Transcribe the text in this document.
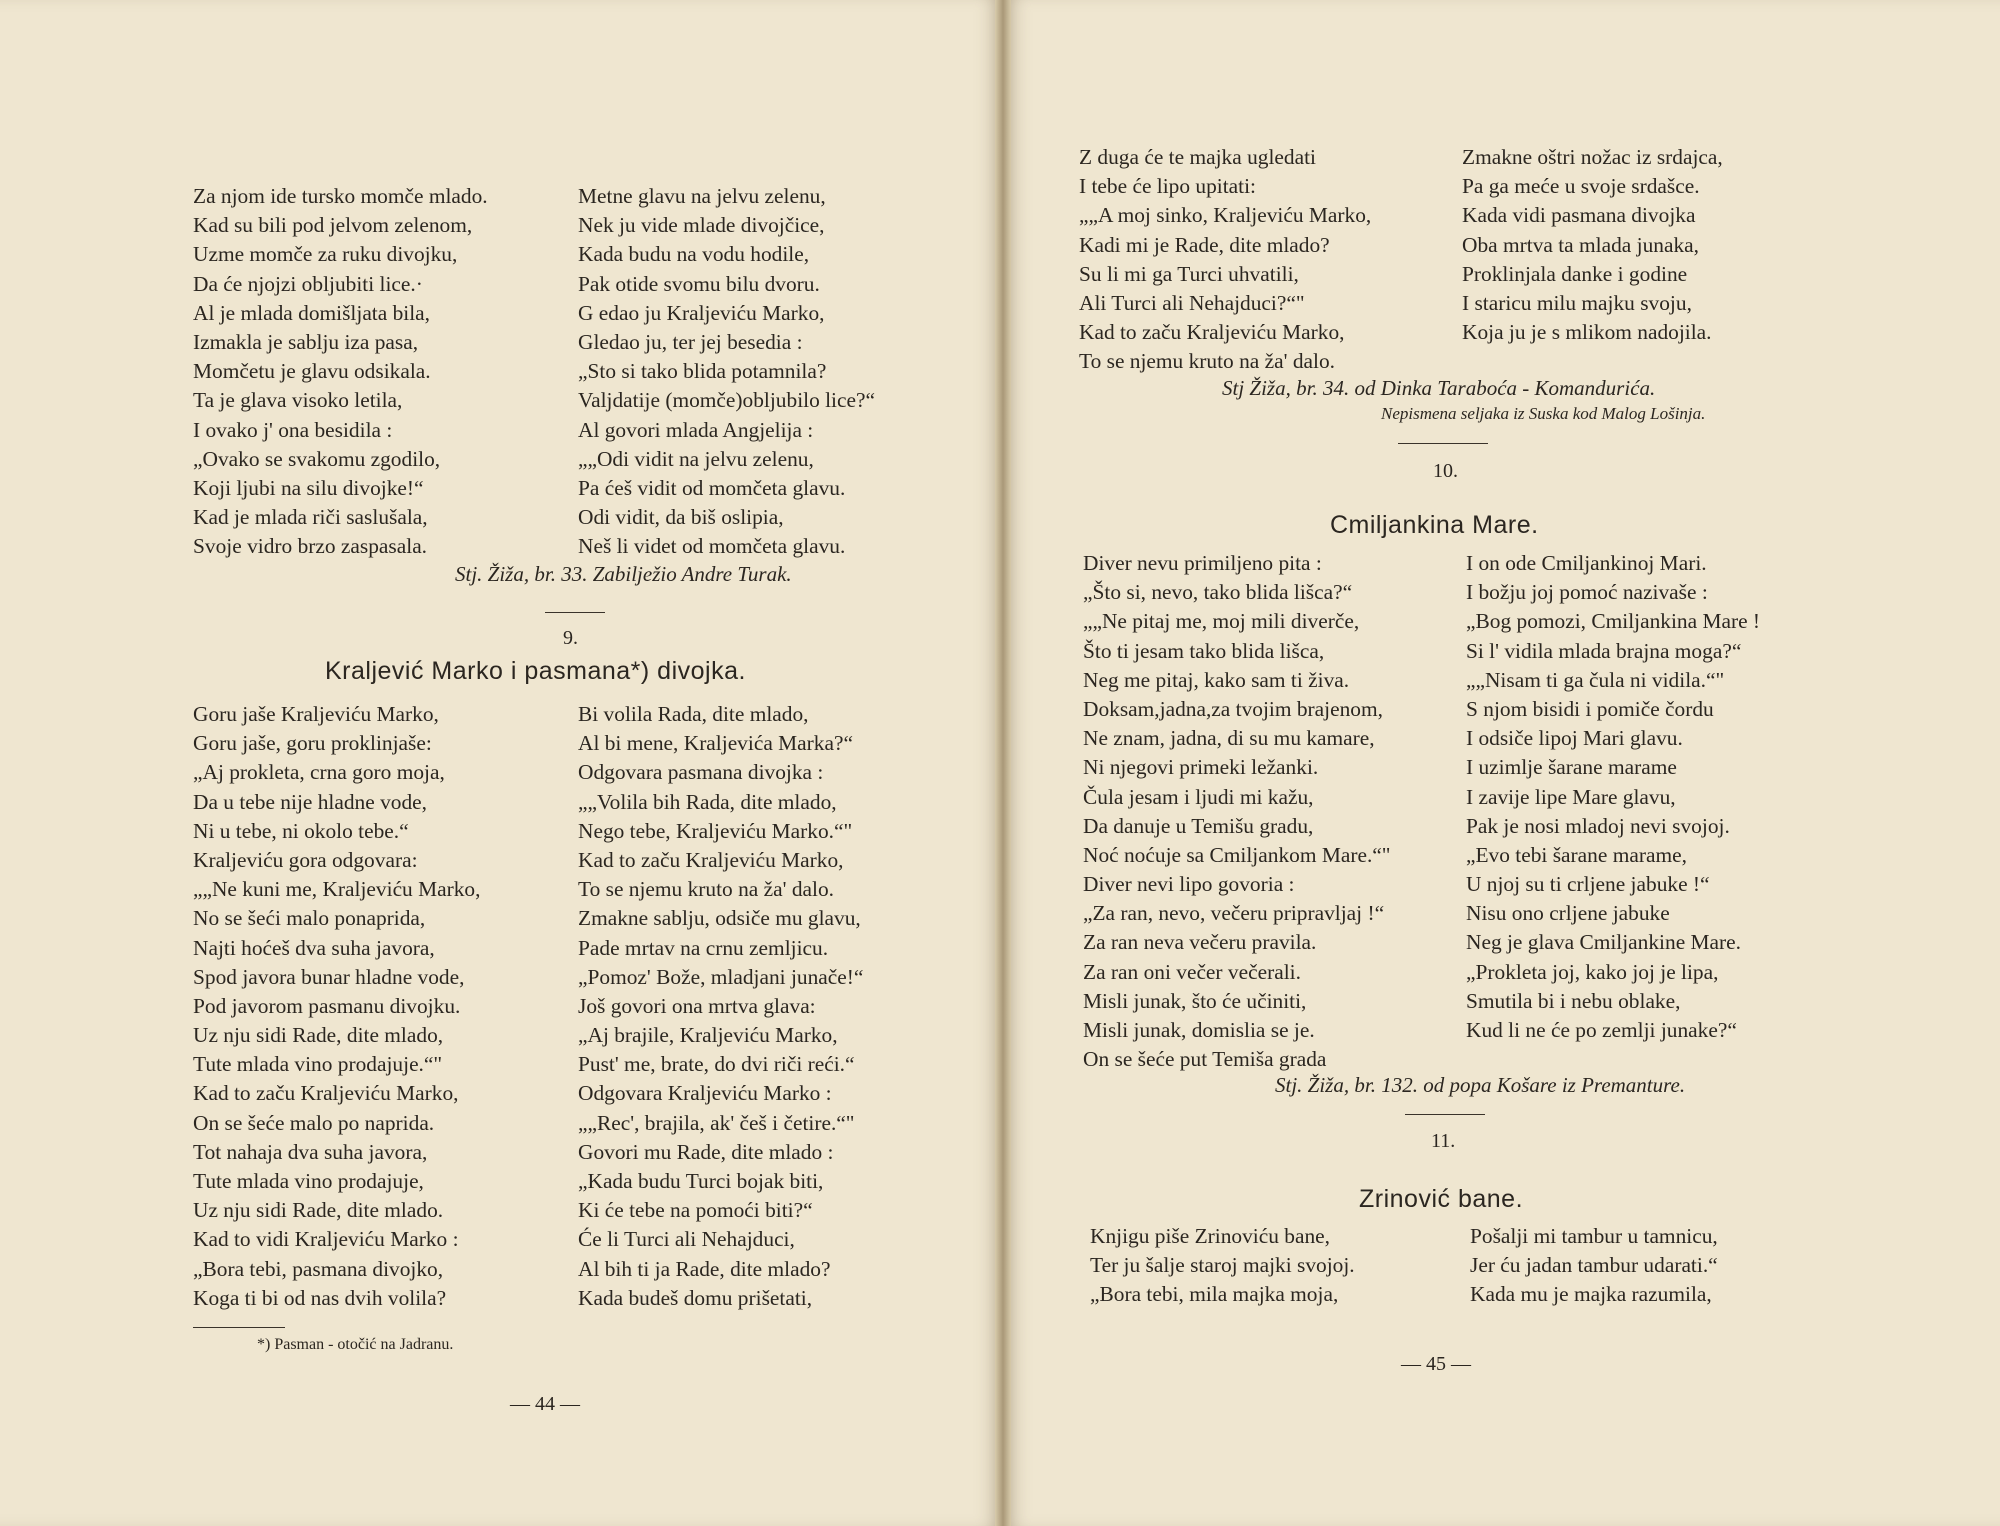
Za njom ide tursko momče mlado.
Kad su bili pod jelvom zelenom,
Uzme momče za ruku divojku,
Da će njojzi obljubiti lice.·
Al je mlada domišljata bila,
Izmakla je sablju iza pasa,
Momčetu je glavu odsikala.
Ta je glava visoko letila,
I ovako j' ona besidila :
„Ovako se svakomu zgodilo,
Koji ljubi na silu divojke!“
Kad je mlada riči saslušala,
Svoje vidro brzo zaspasala.
Metne glavu na jelvu zelenu,
Nek ju vide mlade divojčice,
Kada budu na vodu hodile,
Pak otide svomu bilu dvoru.
G edao ju Kraljeviću Marko,
Gledao ju, ter jej besedia :
„Sto si tako blida potamnila?
Valjdatije (momče)obljubilo lice?“
Al govori mlada Angjelija :
„„Odi vidit na jelvu zelenu,
Pa ćeš vidit od momčeta glavu.
Odi vidit, da biš oslipia,
Neš li videt od momčeta glavu.
Stj. Žiža, br. 33. Zabilježio Andre Turak.
9.
Kraljević Marko i pasmana*) divojka.
Goru jaše Kraljeviću Marko,
Goru jaše, goru proklinjaše:
„Aj prokleta, crna goro moja,
Da u tebe nije hladne vode,
Ni u tebe, ni okolo tebe.“
Kraljeviću gora odgovara:
„„Ne kuni me, Kraljeviću Marko,
No se šeći malo ponaprida,
Najti hoćeš dva suha javora,
Spod javora bunar hladne vode,
Pod javorom pasmanu divojku.
Uz nju sidi Rade, dite mlado,
Tute mlada vino prodajuje.“"
Kad to začu Kraljeviću Marko,
On se šeće malo po naprida.
Tot nahaja dva suha javora,
Tute mlada vino prodajuje,
Uz nju sidi Rade, dite mlado.
Kad to vidi Kraljeviću Marko :
„Bora tebi, pasmana divojko,
Koga ti bi od nas dvih volila?
Bi volila Rada, dite mlado,
Al bi mene, Kraljevića Marka?“
Odgovara pasmana divojka :
„„Volila bih Rada, dite mlado,
Nego tebe, Kraljeviću Marko.“"
Kad to začu Kraljeviću Marko,
To se njemu kruto na ža' dalo.
Zmakne sablju, odsiče mu glavu,
Pade mrtav na crnu zemljicu.
„Pomoz' Bože, mladjani junače!“
Još govori ona mrtva glava:
„Aj brajile, Kraljeviću Marko,
Pust' me, brate, do dvi riči reći.“
Odgovara Kraljeviću Marko :
„„Rec', brajila, ak' češ i četire.“"
Govori mu Rade, dite mlado :
„Kada budu Turci bojak biti,
Ki će tebe na pomoći biti?“
Će li Turci ali Nehajduci,
Al bih ti ja Rade, dite mlado?
Kada budeš domu prišetati,
*) Pasman - otočić na Jadranu.
— 44 —
Z duga će te majka ugledati
I tebe će lipo upitati:
„„A moj sinko, Kraljeviću Marko,
Kadi mi je Rade, dite mlado?
Su li mi ga Turci uhvatili,
Ali Turci ali Nehajduci?“"
Kad to začu Kraljeviću Marko,
To se njemu kruto na ža' dalo.
Zmakne oštri nožac iz srdajca,
Pa ga meće u svoje srdašce.
Kada vidi pasmana divojka
Oba mrtva ta mlada junaka,
Proklinjala danke i godine
I staricu milu majku svoju,
Koja ju je s mlikom nadojila.
Stj Žiža, br. 34. od Dinka Taraboća - Komandurića.
Nepismena seljaka iz Suska kod Malog Lošinja.
10.
Cmiljankina Mare.
Diver nevu primiljeno pita :
„Što si, nevo, tako blida lišca?“
„„Ne pitaj me, moj mili diverče,
Što ti jesam tako blida lišca,
Neg me pitaj, kako sam ti živa.
Doksam,jadna,za tvojim brajenom,
Ne znam, jadna, di su mu kamare,
Ni njegovi primeki ležanki.
Čula jesam i ljudi mi kažu,
Da danuje u Temišu gradu,
Noć noćuje sa Cmiljankom Mare.“"
Diver nevi lipo govoria :
„Za ran, nevo, večeru pripravljaj !“
Za ran neva večeru pravila.
Za ran oni večer večerali.
Misli junak, što će učiniti,
Misli junak, domislia se je.
On se šeće put Temiša grada
I on ode Cmiljankinoj Mari.
I božju joj pomoć nazivaše :
„Bog pomozi, Cmiljankina Mare !
Si l' vidila mlada brajna moga?“
„„Nisam ti ga čula ni vidila.“"
S njom bisidi i pomiče čordu
I odsiče lipoj Mari glavu.
I uzimlje šarane marame
I zavije lipe Mare glavu,
Pak je nosi mladoj nevi svojoj.
„Evo tebi šarane marame,
U njoj su ti crljene jabuke !“
Nisu ono crljene jabuke
Neg je glava Cmiljankine Mare.
„Prokleta joj, kako joj je lipa,
Smutila bi i nebu oblake,
Kud li ne će po zemlji junake?“
Stj. Žiža, br. 132. od popa Košare iz Premanture.
11.
Zrinović bane.
Knjigu piše Zrinoviću bane,
Ter ju šalje staroj majki svojoj.
„Bora tebi, mila majka moja,
Pošalji mi tambur u tamnicu,
Jer ću jadan tambur udarati.“
Kada mu je majka razumila,
— 45 —
